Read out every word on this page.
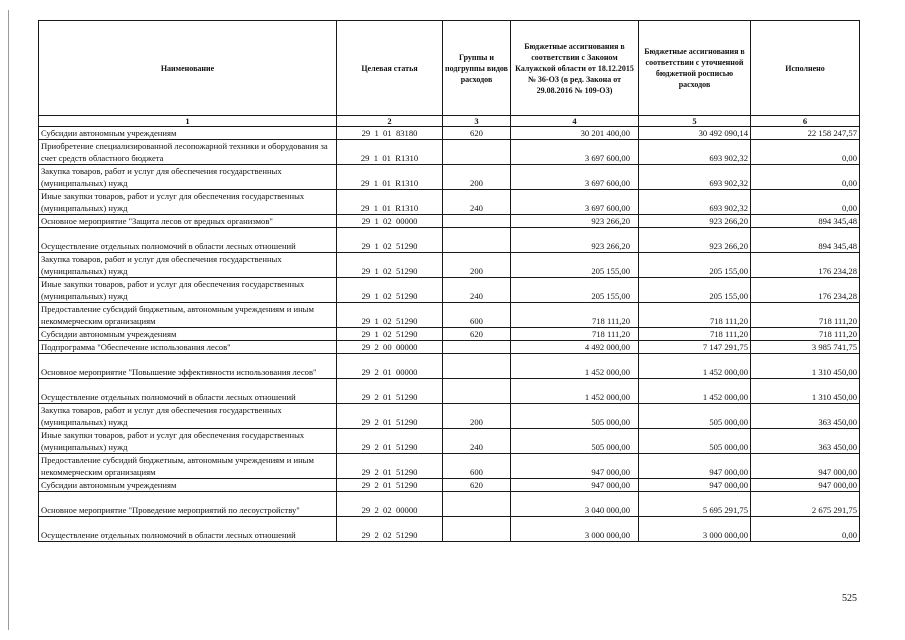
Наименование	Целевая статья	Группы и подгруппы видов расходов	Бюджетные ассигнования в соответствии с Законом Калужской области от 18.12.2015 № 36-ОЗ (в ред. Закона от 29.08.2016 № 109-ОЗ)	Бюджетные ассигнования в соответствии с уточненной бюджетной росписью расходов	Исполнено
1	2	3	4	5	6
Субсидии автономным учреждениям	29  1  01  83180	620	30 201 400,00	30 492 090,14	22 158 247,57
Приобретение специализированной лесопожарной техники и оборудования за счет средств областного бюджета	29  1  01  R1310		3 697 600,00	693 902,32	0,00
Закупка товаров, работ и услуг для обеспечения государственных (муниципальных) нужд	29  1  01  R1310	200	3 697 600,00	693 902,32	0,00
Иные закупки товаров, работ и услуг для обеспечения государственных (муниципальных) нужд	29  1  01  R1310	240	3 697 600,00	693 902,32	0,00
Основное мероприятие "Защита лесов от вредных организмов"	29  1  02  00000		923 266,20	923 266,20	894 345,48
Осуществление отдельных полномочий в области лесных отношений	29  1  02  51290		923 266,20	923 266,20	894 345,48
Закупка товаров, работ и услуг для обеспечения государственных (муниципальных) нужд	29  1  02  51290	200	205 155,00	205 155,00	176 234,28
Иные закупки товаров, работ и услуг для обеспечения государственных (муниципальных) нужд	29  1  02  51290	240	205 155,00	205 155,00	176 234,28
Предоставление субсидий бюджетным, автономным учреждениям и иным некоммерческим организациям	29  1  02  51290	600	718 111,20	718 111,20	718 111,20
Субсидии автономным учреждениям	29  1  02  51290	620	718 111,20	718 111,20	718 111,20
Подпрограмма "Обеспечение использования лесов"	29  2  00  00000		4 492 000,00	7 147 291,75	3 985 741,75
Основное мероприятие "Повышение эффективности использования лесов"	29  2  01  00000		1 452 000,00	1 452 000,00	1 310 450,00
Осуществление отдельных полномочий в области лесных отношений	29  2  01  51290		1 452 000,00	1 452 000,00	1 310 450,00
Закупка товаров, работ и услуг для обеспечения государственных (муниципальных) нужд	29  2  01  51290	200	505 000,00	505 000,00	363 450,00
Иные закупки товаров, работ и услуг для обеспечения государственных (муниципальных) нужд	29  2  01  51290	240	505 000,00	505 000,00	363 450,00
Предоставление субсидий бюджетным, автономным учреждениям и иным некоммерческим организациям	29  2  01  51290	600	947 000,00	947 000,00	947 000,00
Субсидии автономным учреждениям	29  2  01  51290	620	947 000,00	947 000,00	947 000,00
Основное мероприятие "Проведение мероприятий по лесоустройству"	29  2  02  00000		3 040 000,00	5 695 291,75	2 675 291,75
Осуществление отдельных полномочий в области лесных отношений	29  2  02  51290		3 000 000,00	3 000 000,00	0,00
525
